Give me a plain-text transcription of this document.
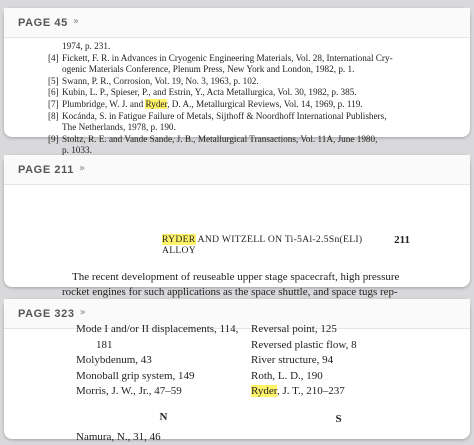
PAGE 45 »
1974, p. 231.
[4] Fickett, F. R. in Advances in Cryogenic Engineering Materials, Vol. 28, International Cry-
ogenic Materials Conference, Plenum Press, New York and London, 1982, p. 1.
[5] Swann, P. R., Corrosion, Vol. 19, No. 3, 1963, p. 102.
[6] Kubin, L. P., Spieser, P., and Estrin, Y., Acta Metallurgica, Vol. 30, 1982, p. 385.
[7] Plumbridge, W. J. and Ryder, D. A., Metallurgical Reviews, Vol. 14, 1969, p. 119.
[8] Kocánda, S. in Fatigue Failure of Metals, Sijthoff & Noordhoff International Publishers,
The Netherlands, 1978, p. 190.
[9] Stoltz, R. E. and Vande Sande, J. B., Metallurgical Transactions, Vol. 11A, June 1980,
p. 1033.
PAGE 211 »
RYDER AND WITZELL ON Ti-5Al-2.5Sn(ELI) ALLOY
211
The recent development of reuseable upper stage spacecraft, high pressure
rocket engines for such applications as the space shuttle, and space tugs rep-
PAGE 323 »
Mode I and/or II displacements, 114,
181
Molybdenum, 43
Monoball grip system, 149
Morris, J. W., Jr., 47–59
N
Namura, N., 31, 46
Reversal point, 125
Reversed plastic flow, 8
River structure, 94
Roth, L. D., 190
Ryder, J. T., 210–237
S
